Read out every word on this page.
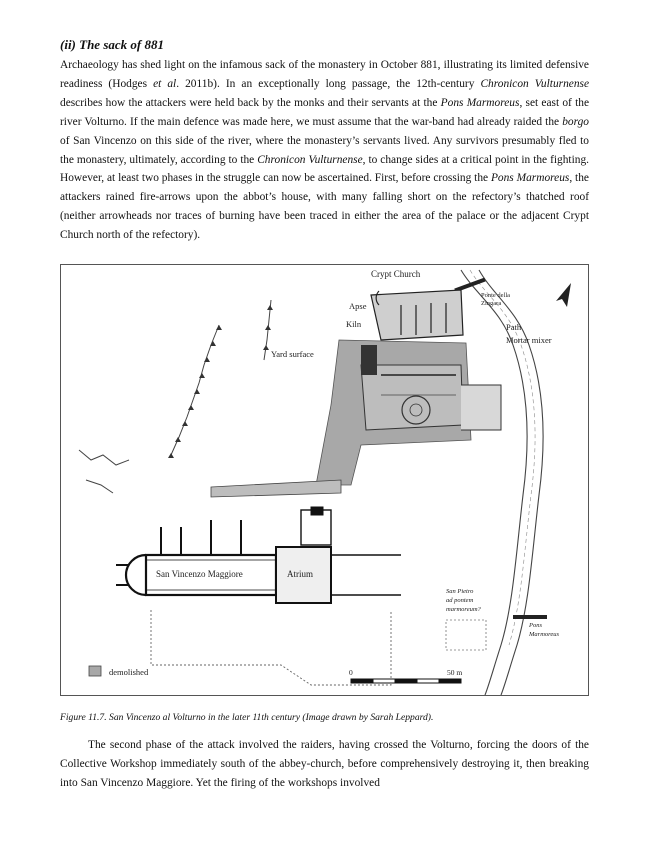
(ii) The sack of 881

Archaeology has shed light on the infamous sack of the monastery in October 881, illustrating its limited defensive readiness (Hodges et al. 2011b). In an exceptionally long passage, the 12th-century Chronicon Vulturnense describes how the attackers were held back by the monks and their servants at the Pons Marmoreus, set east of the river Volturno. If the main defence was made here, we must assume that the war-band had already raided the borgo of San Vincenzo on this side of the river, where the monastery’s servants lived. Any survivors presumably fled to the monastery, ultimately, according to the Chronicon Vulturnense, to change sides at a critical point in the fighting. However, at least two phases in the struggle can now be ascertained. First, before crossing the Pons Marmoreus, the attackers rained fire-arrows upon the abbot’s house, with many falling short on the refectory’s thatched roof (neither arrowheads nor traces of burning have been traced in either the area of the palace or the adjacent Crypt Church north of the refectory).

Crypt Church
Ponte della
Zingara
Apse
Kiln	Path
Mortar mixer
Yard surface
San Vincenzo Maggiore	Atrium
San Pietro
ad pontem
marmoreum?
Pons
Marmoreus
demolished	0	50 m

Figure 11.7. San Vincenzo al Volturno in the later 11th century (Image drawn by Sarah Leppard).

The second phase of the attack involved the raiders, having crossed the Volturno, forcing the doors of the Collective Workshop immediately south of the abbey-church, before comprehensively destroying it, then breaking into San Vincenzo Maggiore. Yet the firing of the workshops involved
